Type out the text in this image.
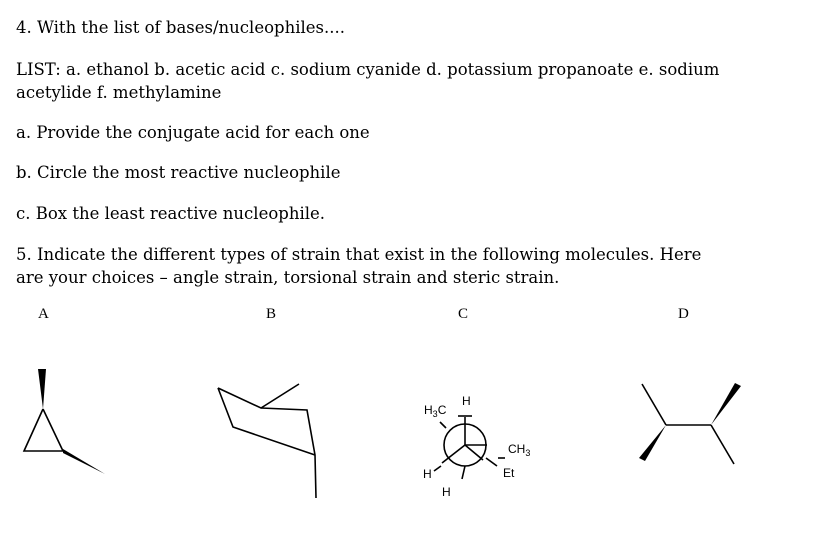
4. With the list of bases/nucleophiles....
LIST: a. ethanol b. acetic acid c. sodium cyanide d. potassium propanoate e. sodium
acetylide f. methylamine
a. Provide the conjugate acid for each one
b. Circle the most reactive nucleophile
c. Box the least reactive nucleophile.
5. Indicate the different types of strain that exist in the following molecules. Here
are your choices – angle strain, torsional strain and steric strain.
A	B	C	D
$H_3C$
H
$CH_3$
Et
H
H
